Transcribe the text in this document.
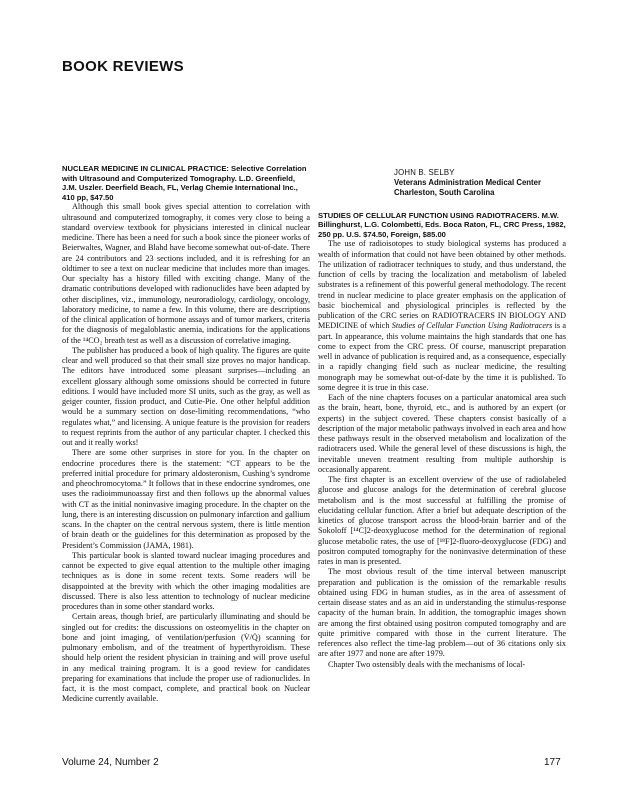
BOOK REVIEWS

NUCLEAR MEDICINE IN CLINICAL PRACTICE: Selective Correlation with Ultrasound and Computerized Tomography. L.D. Greenfield, J.M. Uszler. Deerfield Beach, FL, Verlag Chemie International Inc., 410 pp, $47.50

Although this small book gives special attention to correlation with ultrasound and computerized tomography, it comes very close to being a standard overview textbook for physicians interested in clinical nuclear medicine. There has been a need for such a book since the pioneer works of Beierwaltes, Wagner, and Blahd have become somewhat out-of-date. There are 24 contributors and 23 sections included, and it is refreshing for an oldtimer to see a text on nuclear medicine that includes more than images. Our specialty has a history filled with exciting change. Many of the dramatic contributions developed with radionuclides have been adapted by other disciplines, viz., immunology, neuroradiology, cardiology, oncology, laboratory medicine, to name a few. In this volume, there are descriptions of the clinical application of hormone assays and of tumor markers, criteria for the diagnosis of megaloblastic anemia, indications for the applications of the ¹⁴CO₂ breath test as well as a discussion of correlative imaging.

The publisher has produced a book of high quality. The figures are quite clear and well produced so that their small size proves no major handicap. The editors have introduced some pleasant surprises—including an excellent glossary although some omissions should be corrected in future editions. I would have included more SI units, such as the gray, as well as geiger counter, fission product, and Cutie-Pie. One other helpful addition would be a summary section on dose-limiting recommendations, “who regulates what,” and licensing. A unique feature is the provision for readers to request reprints from the author of any particular chapter. I checked this out and it really works!

There are some other surprises in store for you. In the chapter on endocrine procedures there is the statement: “CT appears to be the preferred initial procedure for primary aldosteronism, Cushing’s syndrome and pheochromocytoma.” It follows that in these endocrine syndromes, one uses the radioimmunoassay first and then follows up the abnormal values with CT as the initial noninvasive imaging procedure. In the chapter on the lung, there is an interesting discussion on pulmonary infarction and gallium scans. In the chapter on the central nervous system, there is little mention of brain death or the guidelines for this determination as proposed by the President’s Commission (JAMA, 1981).

This particular book is slanted toward nuclear imaging procedures and cannot be expected to give equal attention to the multiple other imaging techniques as is done in some recent texts. Some readers will be disappointed at the brevity with which the other imaging modalities are discussed. There is also less attention to technology of nuclear medicine procedures than in some other standard works.

Certain areas, though brief, are particularly illuminating and should be singled out for credits: the discussions on osteomyelitis in the chapter on bone and joint imaging, of ventilation/perfusion (V̇/Q̇) scanning for pulmonary embolism, and of the treatment of hyperthyroidism. These should help orient the resident physician in training and will prove useful in any medical training program. It is a good review for candidates preparing for examinations that include the proper use of radionuclides. In fact, it is the most compact, complete, and practical book on Nuclear Medicine currently available.

JOHN B. SELBY
Veterans Administration Medical Center
Charleston, South Carolina

STUDIES OF CELLULAR FUNCTION USING RADIOTRACERS. M.W. Billinghurst, L.G. Colombetti, Eds. Boca Raton, FL, CRC Press, 1982, 250 pp. U.S. $74.50, Foreign, $85.00

The use of radioisotopes to study biological systems has produced a wealth of information that could not have been obtained by other methods. The utilization of radiotracer techniques to study, and thus understand, the function of cells by tracing the localization and metabolism of labeled substrates is a refinement of this powerful general methodology. The recent trend in nuclear medicine to place greater emphasis on the application of basic biochemical and physiological principles is reflected by the publication of the CRC series on RADIOTRACERS IN BIOLOGY AND MEDICINE of which Studies of Cellular Function Using Radiotracers is a part. In appearance, this volume maintains the high standards that one has come to expect from the CRC press. Of course, manuscript preparation well in advance of publication is required and, as a consequence, especially in a rapidly changing field such as nuclear medicine, the resulting monograph may be somewhat out-of-date by the time it is published. To some degree it is true in this case.

Each of the nine chapters focuses on a particular anatomical area such as the brain, heart, bone, thyroid, etc., and is authored by an expert (or experts) in the subject covered. These chapters consist basically of a description of the major metabolic pathways involved in each area and how these pathways result in the observed metabolism and localization of the radiotracers used. While the general level of these discussions is high, the inevitable uneven treatment resulting from multiple authorship is occasionally apparent.

The first chapter is an excellent overview of the use of radiolabeled glucose and glucose analogs for the determination of cerebral glucose metabolism and is the most successful at fulfilling the promise of elucidating cellular function. After a brief but adequate description of the kinetics of glucose transport across the blood-brain barrier and of the Sokoloff [¹⁴C]2-deoxyglucose method for the determination of regional glucose metabolic rates, the use of [¹⁸F]2-fluoro-deoxyglucose (FDG) and positron computed tomography for the noninvasive determination of these rates in man is presented.

The most obvious result of the time interval between manuscript preparation and publication is the omission of the remarkable results obtained using FDG in human studies, as in the area of assessment of certain disease states and as an aid in understanding the stimulus-response capacity of the human brain. In addition, the tomographic images shown are among the first obtained using positron computed tomography and are quite primitive compared with those in the current literature. The references also reflect the time-lag problem—out of 36 citations only six are after 1977 and none are after 1979.

Chapter Two ostensibly deals with the mechanisms of local-

Volume 24, Number 2	177
